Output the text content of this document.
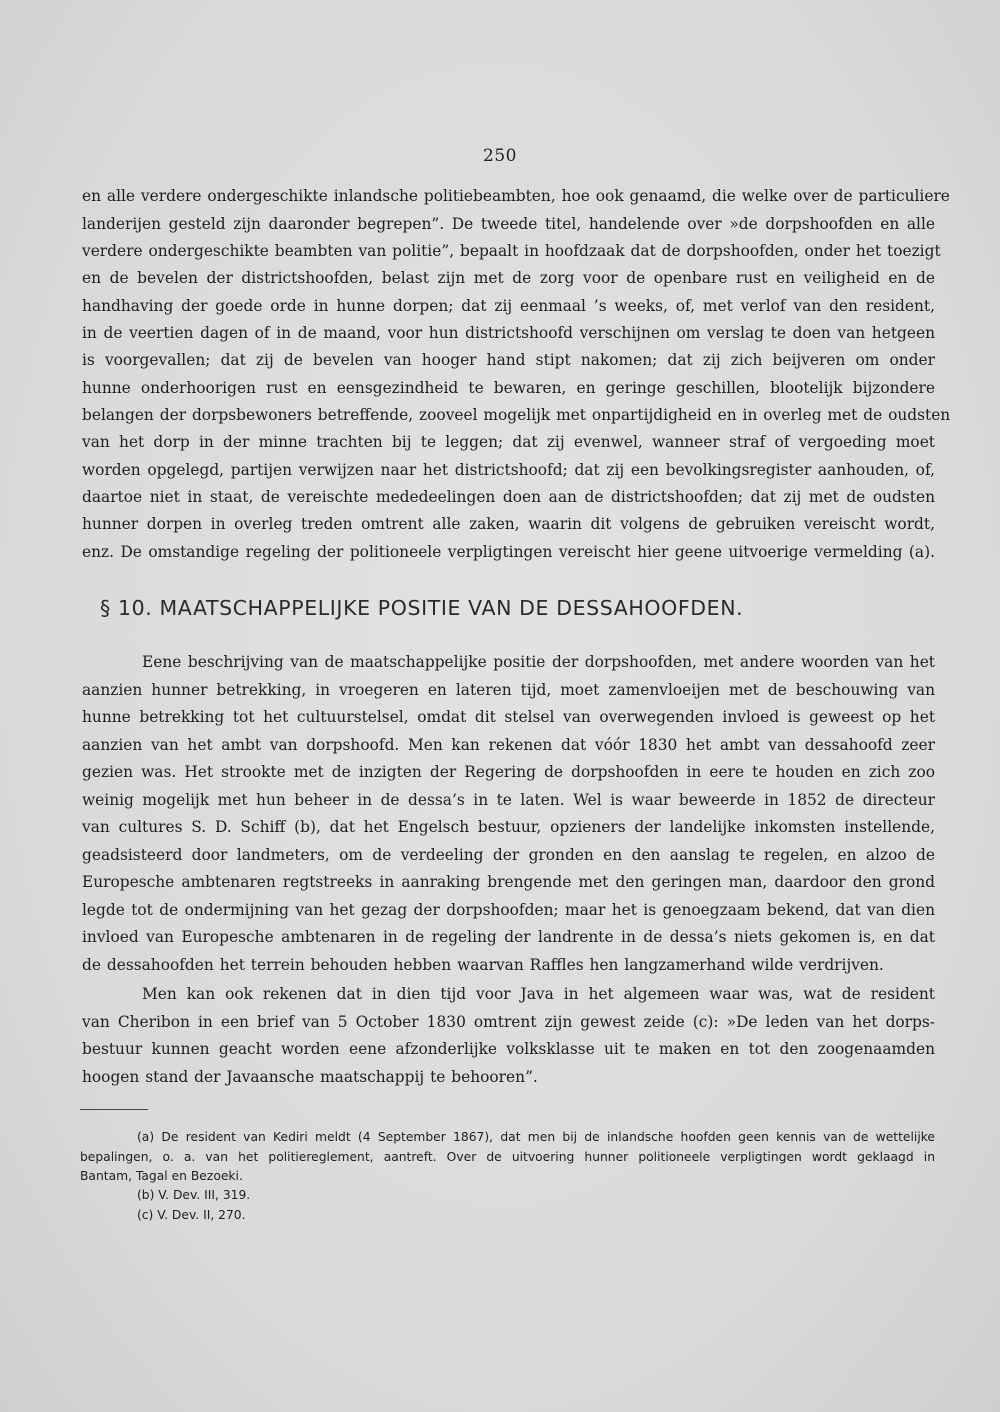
· · · · · · · · · · · · · · ·
250
en alle verdere ondergeschikte inlandsche politiebeambten, hoe ook genaamd, die welke over de particuliere
landerijen gesteld zijn daaronder begrepen”. De tweede titel, handelende over »de dorpshoofden en alle
verdere ondergeschikte beambten van politie”, bepaalt in hoofdzaak dat de dorpshoofden, onder het toezigt
en de bevelen der districtshoofden, belast zijn met de zorg voor de openbare rust en veiligheid en de
handhaving der goede orde in hunne dorpen; dat zij eenmaal ’s weeks, of, met verlof van den resident,
in de veertien dagen of in de maand, voor hun districtshoofd verschijnen om verslag te doen van hetgeen
is voorgevallen; dat zij de bevelen van hooger hand stipt nakomen; dat zij zich beijveren om onder
hunne onderhoorigen rust en eensgezindheid te bewaren, en geringe geschillen, blootelijk bijzondere
belangen der dorpsbewoners betreffende, zooveel mogelijk met onpartijdigheid en in overleg met de oudsten
van het dorp in der minne trachten bij te leggen; dat zij evenwel, wanneer straf of vergoeding moet
worden opgelegd, partijen verwijzen naar het districtshoofd; dat zij een bevolkingsregister aanhouden, of,
daartoe niet in staat, de vereischte mededeelingen doen aan de districtshoofden; dat zij met de oudsten
hunner dorpen in overleg treden omtrent alle zaken, waarin dit volgens de gebruiken vereischt wordt,
enz. De omstandige regeling der politioneele verpligtingen vereischt hier geene uitvoerige vermelding (a).
§ 10. MAATSCHAPPELIJKE POSITIE VAN DE DESSAHOOFDEN.
Eene beschrijving van de maatschappelijke positie der dorpshoofden, met andere woorden van het
aanzien hunner betrekking, in vroegeren en lateren tijd, moet zamenvloeijen met de beschouwing van
hunne betrekking tot het cultuurstelsel, omdat dit stelsel van overwegenden invloed is geweest op het
aanzien van het ambt van dorpshoofd. Men kan rekenen dat vóór 1830 het ambt van dessahoofd zeer
gezien was. Het strookte met de inzigten der Regering de dorpshoofden in eere te houden en zich zoo
weinig mogelijk met hun beheer in de dessa’s in te laten. Wel is waar beweerde in 1852 de directeur
van cultures S. D. Schiff (b), dat het Engelsch bestuur, opzieners der landelijke inkomsten instellende,
geadsisteerd door landmeters, om de verdeeling der gronden en den aanslag te regelen, en alzoo de
Europesche ambtenaren regtstreeks in aanraking brengende met den geringen man, daardoor den grond
legde tot de ondermijning van het gezag der dorpshoofden; maar het is genoegzaam bekend, dat van dien
invloed van Europesche ambtenaren in de regeling der landrente in de dessa’s niets gekomen is, en dat
de dessahoofden het terrein behouden hebben waarvan Raffles hen langzamerhand wilde verdrijven.
Men kan ook rekenen dat in dien tijd voor Java in het algemeen waar was, wat de resident
van Cheribon in een brief van 5 October 1830 omtrent zijn gewest zeide (c): »De leden van het dorps-
bestuur kunnen geacht worden eene afzonderlijke volksklasse uit te maken en tot den zoogenaamden
hoogen stand der Javaansche maatschappij te behooren”.
(a) De resident van Kediri meldt (4 September 1867), dat men bij de inlandsche hoofden geen kennis van de wettelijke
bepalingen, o. a. van het politiereglement, aantreft. Over de uitvoering hunner politioneele verpligtingen wordt geklaagd in
Bantam, Tagal en Bezoeki.
(b) V. Dev. III, 319.
(c) V. Dev. II, 270.
